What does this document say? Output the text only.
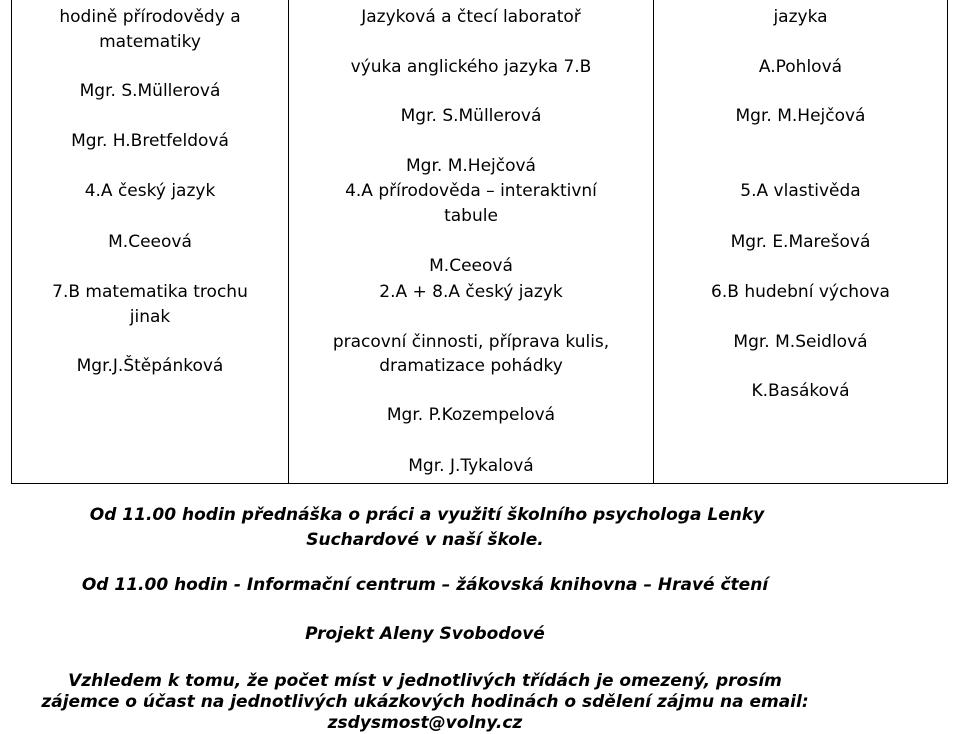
hodině přírodovědy a
matematiky
Mgr. S.Müllerová
Mgr. H.Bretfeldová
4.A český jazyk
M.Ceeová
7.B matematika trochu
jinak
Mgr.J.Štěpánková
Jazyková a čtecí laboratoř
výuka anglického jazyka 7.B
Mgr. S.Müllerová
Mgr. M.Hejčová
4.A přírodověda – interaktivní
tabule
M.Ceeová
2.A + 8.A český jazyk
pracovní činnosti, příprava kulis,
dramatizace pohádky
Mgr. P.Kozempelová
Mgr. J.Tykalová
jazyka
A.Pohlová
Mgr. M.Hejčová
5.A vlastivěda
Mgr. E.Marešová
6.B hudební výchova
Mgr. M.Seidlová
K.Basáková
Od 11.00 hodin přednáška o práci a využití školního psychologa Lenky
Suchardové v naší škole.
Od 11.00 hodin - Informační centrum – žákovská knihovna – Hravé čtení
Projekt Aleny Svobodové
Vzhledem k tomu, že počet míst v jednotlivých třídách je omezený, prosím
zájemce o účast na jednotlivých ukázkových hodinách o sdělení zájmu na email:
zsdysmost@volny.cz
